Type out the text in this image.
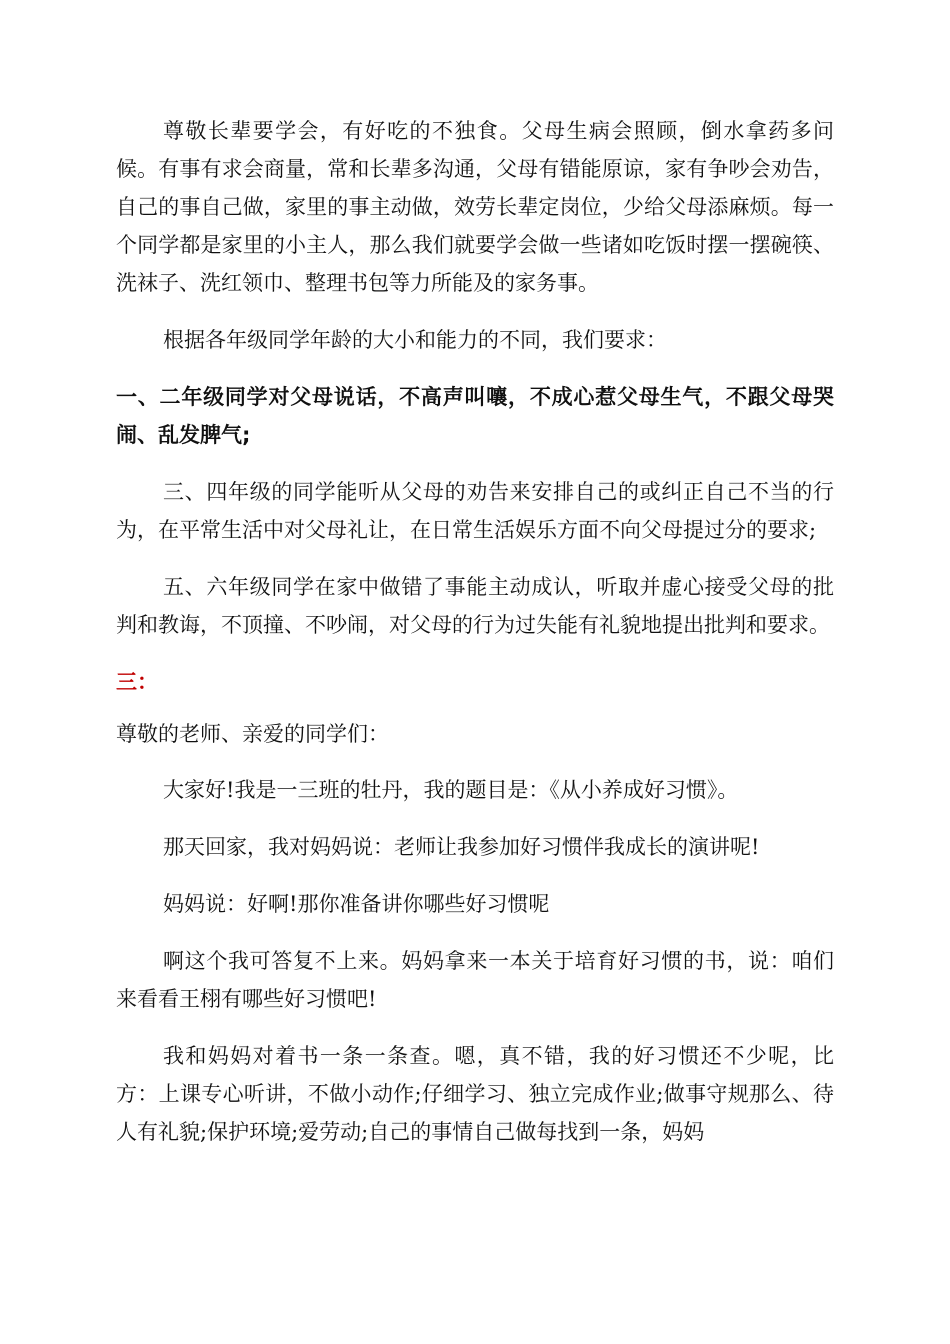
尊敬长辈要学会，有好吃的不独食。父母生病会照顾，倒水拿药多问候。有事有求会商量，常和长辈多沟通，父母有错能原谅，家有争吵会劝告，自己的事自己做，家里的事主动做，效劳长辈定岗位，少给父母添麻烦。每一个同学都是家里的小主人，那么我们就要学会做一些诸如吃饭时摆一摆碗筷、洗袜子、洗红领巾、整理书包等力所能及的家务事。

根据各年级同学年龄的大小和能力的不同，我们要求：

一、二年级同学对父母说话，不高声叫嚷，不成心惹父母生气，不跟父母哭闹、乱发脾气;

三、四年级的同学能听从父母的劝告来安排自己的或纠正自己不当的行为，在平常生活中对父母礼让，在日常生活娱乐方面不向父母提过分的要求;

五、六年级同学在家中做错了事能主动成认，听取并虚心接受父母的批判和教诲，不顶撞、不吵闹，对父母的行为过失能有礼貌地提出批判和要求。

三：

尊敬的老师、亲爱的同学们：

大家好!我是一三班的牡丹，我的题目是：《从小养成好习惯》。

那天回家，我对妈妈说：老师让我参加好习惯伴我成长的演讲呢!

妈妈说：好啊!那你准备讲你哪些好习惯呢

啊这个我可答复不上来。妈妈拿来一本关于培育好习惯的书，说：咱们来看看王栩有哪些好习惯吧!

我和妈妈对着书一条一条查。嗯，真不错，我的好习惯还不少呢，比方：上课专心听讲，不做小动作;仔细学习、独立完成作业;做事守规那么、待人有礼貌;保护环境;爱劳动;自己的事情自己做每找到一条，妈妈
